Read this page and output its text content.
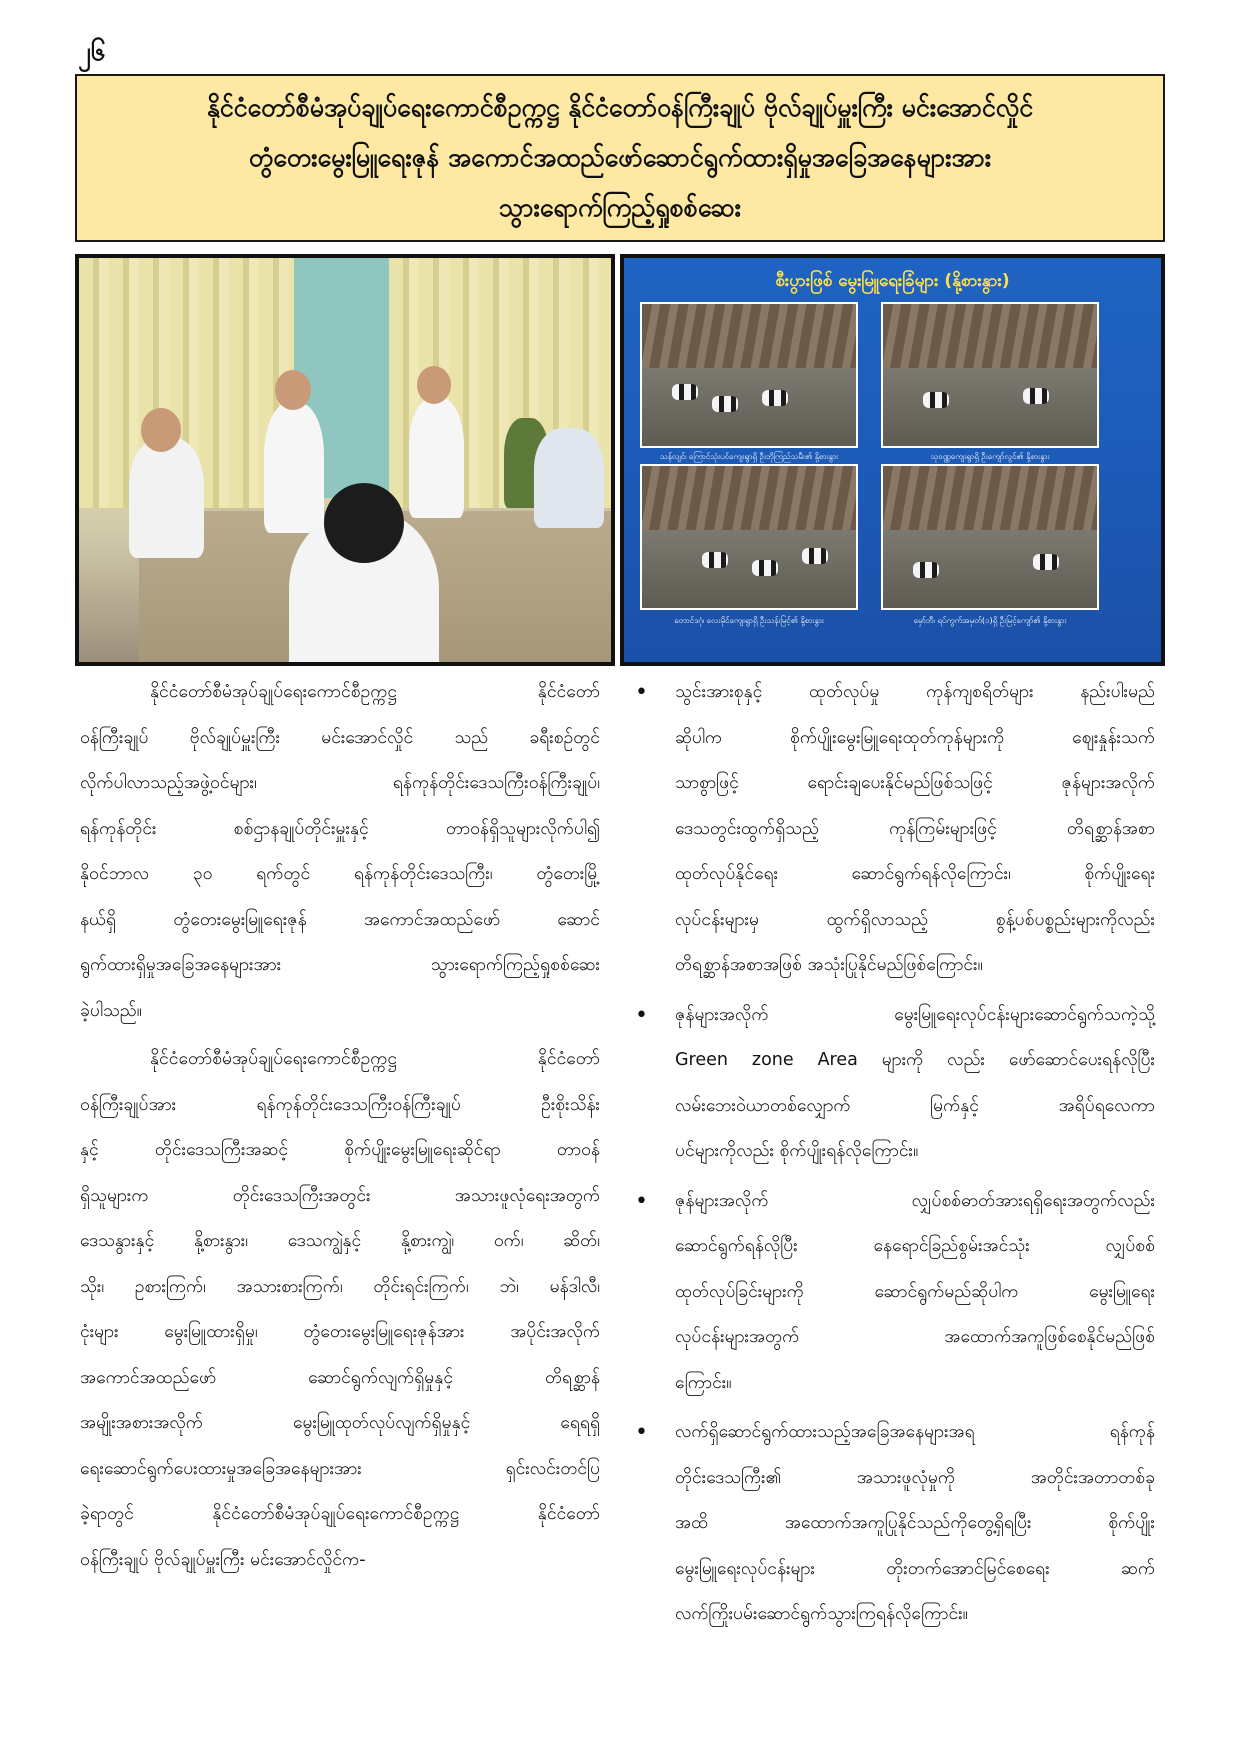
၂၆
နိုင်ငံတော်စီမံအုပ်ချုပ်ရေးကောင်စီဥက္ကဋ္ဌ နိုင်ငံတော်ဝန်ကြီးချုပ် ဗိုလ်ချုပ်မှူးကြီး မင်းအောင်လှိုင်
တွံတေးမွေးမြူရေးဇုန် အကောင်အထည်ဖော်ဆောင်ရွက်ထားရှိမှုအခြေအနေများအား
သွားရောက်ကြည့်ရှုစစ်ဆေး
စီးပွားဖြစ် မွေးမြူရေးခြံများ (နို့စားနွား)
သန်လျင်၊ ကြောင်သုံးပင်ကျေးရွာရှိ ဦးဘိုကြည်သမီး၏ နို့စားနွား	သုဝဏ္ဏကျေးရွာရှိ ဦးကျော်လွင်၏ နို့စားနွား
တောင်ဒဂုံ၊ လေးမိုင်ကျေးရွာရှိ ဦးသန်းမြင့်၏ နို့စားနွား	မှော်ဘီ၊ ရပ်ကွက်အမှတ်(၁)ရှိ ဦးမြင့်ကျော်၏ နို့စားနွား
နိုင်ငံတော်စီမံအုပ်ချုပ်ရေးကောင်စီဥက္ကဋ္ဌ နိုင်ငံတော်
ဝန်ကြီးချုပ် ဗိုလ်ချုပ်မှူးကြီး မင်းအောင်လှိုင် သည် ခရီးစဉ်တွင်
လိုက်ပါလာသည့်အဖွဲ့ဝင်များ၊ ရန်ကုန်တိုင်းဒေသကြီးဝန်ကြီးချုပ်၊
ရန်ကုန်တိုင်း စစ်ဌာနချုပ်တိုင်းမှူးနှင့် တာဝန်ရှိသူများလိုက်ပါ၍
နိုဝင်ဘာလ ၃၀ ရက်တွင် ရန်ကုန်တိုင်းဒေသကြီး၊ တွံတေးမြို့
နယ်ရှိ တွံတေးမွေးမြူရေးဇုန် အကောင်အထည်ဖော် ဆောင်
ရွက်ထားရှိမှုအခြေအနေများအား သွားရောက်ကြည့်ရှုစစ်ဆေး
ခဲ့ပါသည်။
နိုင်ငံတော်စီမံအုပ်ချုပ်ရေးကောင်စီဥက္ကဋ္ဌ နိုင်ငံတော်
ဝန်ကြီးချုပ်အား ရန်ကုန်တိုင်းဒေသကြီးဝန်ကြီးချုပ် ဦးစိုးသိန်း
နှင့် တိုင်းဒေသကြီးအဆင့် စိုက်ပျိုးမွေးမြူရေးဆိုင်ရာ တာဝန်
ရှိသူများက တိုင်းဒေသကြီးအတွင်း အသားဖူလုံရေးအတွက်
ဒေသနွားနှင့် နို့စားနွား၊ ဒေသကျွဲနှင့် နို့စားကျွဲ၊ ဝက်၊ ဆိတ်၊
သိုး၊ ဥစားကြက်၊ အသားစားကြက်၊ တိုင်းရင်းကြက်၊ ဘဲ၊ မန်ဒါလီ၊
ငုံးများ မွေးမြူထားရှိမှု၊ တွံတေးမွေးမြူရေးဇုန်အား အပိုင်းအလိုက်
အကောင်အထည်ဖော် ဆောင်ရွက်လျက်ရှိမှုနှင့် တိရစ္ဆာန်
အမျိုးအစားအလိုက် မွေးမြူထုတ်လုပ်လျက်ရှိမှုနှင့် ရေရရှိ
ရေးဆောင်ရွက်ပေးထားမှုအခြေအနေများအား ရှင်းလင်းတင်ပြ
ခဲ့ရာတွင် နိုင်ငံတော်စီမံအုပ်ချုပ်ရေးကောင်စီဥက္ကဋ္ဌ နိုင်ငံတော်
ဝန်ကြီးချုပ် ဗိုလ်ချုပ်မှူးကြီး မင်းအောင်လှိုင်က-
• သွင်းအားစုနှင့် ထုတ်လုပ်မှု ကုန်ကျစရိတ်များ နည်းပါးမည်
ဆိုပါက စိုက်ပျိုးမွေးမြူရေးထုတ်ကုန်များကို ဈေးနှုန်းသက်
သာစွာဖြင့် ရောင်းချပေးနိုင်မည်ဖြစ်သဖြင့် ဇုန်များအလိုက်
ဒေသတွင်းထွက်ရှိသည့် ကုန်ကြမ်းများဖြင့် တိရစ္ဆာန်အစာ
ထုတ်လုပ်နိုင်ရေး ဆောင်ရွက်ရန်လိုကြောင်း၊ စိုက်ပျိုးရေး
လုပ်ငန်းများမှ ထွက်ရှိလာသည့် စွန့်ပစ်ပစ္စည်းများကိုလည်း
တိရစ္ဆာန်အစာအဖြစ် အသုံးပြုနိုင်မည်ဖြစ်ကြောင်း။
• ဇုန်များအလိုက် မွေးမြူရေးလုပ်ငန်းများဆောင်ရွက်သကဲ့သို့
Green zone Area များကို လည်း ဖော်ဆောင်ပေးရန်လိုပြီး
လမ်းဘေးဝဲယာတစ်လျှောက် မြက်နှင့် အရိပ်ရလေကာ
ပင်များကိုလည်း စိုက်ပျိုးရန်လိုကြောင်း။
• ဇုန်များအလိုက် လျှပ်စစ်ဓာတ်အားရရှိရေးအတွက်လည်း
ဆောင်ရွက်ရန်လိုပြီး နေရောင်ခြည်စွမ်းအင်သုံး လျှပ်စစ်
ထုတ်လုပ်ခြင်းများကို ဆောင်ရွက်မည်ဆိုပါက မွေးမြူရေး
လုပ်ငန်းများအတွက် အထောက်အကူဖြစ်စေနိုင်မည်ဖြစ်
ကြောင်း။
• လက်ရှိဆောင်ရွက်ထားသည့်အခြေအနေများအရ ရန်ကုန်
တိုင်းဒေသကြီး၏ အသားဖူလုံမှုကို အတိုင်းအတာတစ်ခု
အထိ အထောက်အကူပြုနိုင်သည်ကိုတွေ့ရှိရပြီး စိုက်ပျိုး
မွေးမြူရေးလုပ်ငန်းများ တိုးတက်အောင်မြင်စေရေး ဆက်
လက်ကြိုးပမ်းဆောင်ရွက်သွားကြရန်လိုကြောင်း။
